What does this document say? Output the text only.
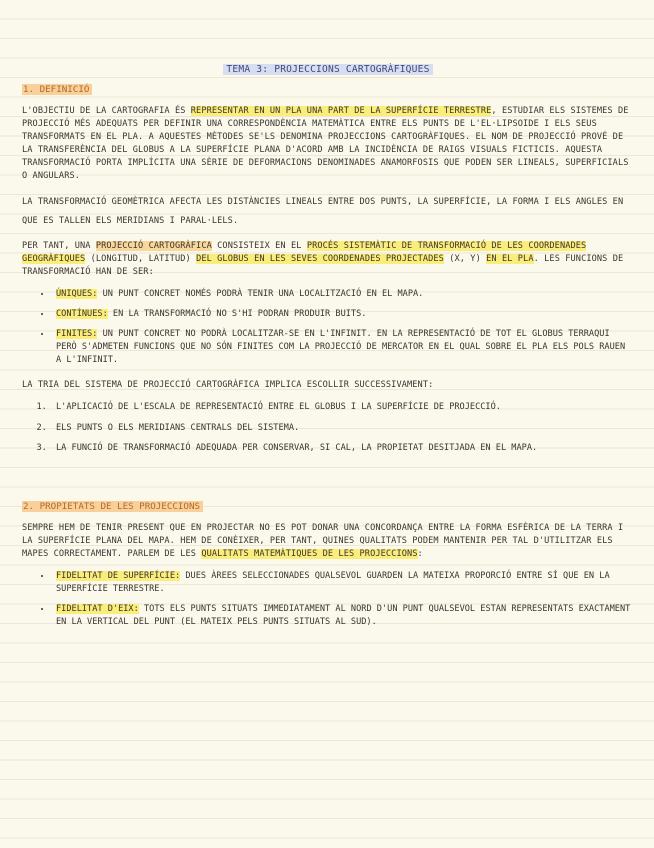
TEMA 3: PROJECCIONS CARTOGRÀFIQUES
1. DEFINICIÓ

L'OBJECTIU DE LA CARTOGRAFIA ÉS REPRESENTAR EN UN PLA UNA PART DE LA SUPERFÍCIE TERRESTRE, ESTUDIAR ELS SISTEMES DE PROJECCIÓ MÉS ADEQUATS PER DEFINIR UNA CORRESPONDÈNCIA MATEMÀTICA ENTRE ELS PUNTS DE L'EL·LIPSOIDE I ELS SEUS TRANSFORMATS EN EL PLA. A AQUESTES MÈTODES SE'LS DENOMINA PROJECCIONS CARTOGRÀFIQUES. EL NOM DE PROJECCIÓ PROVÉ DE LA TRANSFERÈNCIA DEL GLOBUS A LA SUPERFÍCIE PLANA D'ACORD AMB LA INCIDÈNCIA DE RAIGS VISUALS FICTICIS. AQUESTA TRANSFORMACIÓ PORTA IMPLÍCITA UNA SÈRIE DE DEFORMACIONS DENOMINADES ANAMORFOSIS QUE PODEN SER LINEALS, SUPERFICIALS O ANGULARS.

LA TRANSFORMACIÓ GEOMÈTRICA AFECTA LES DISTÀNCIES LINEALS ENTRE DOS PUNTS, LA SUPERFÍCIE, LA FORMA I ELS ANGLES EN QUE ES TALLEN ELS MERIDIANS I PARAL·LELS.

PER TANT, UNA PROJECCIÓ CARTOGRÀFICA CONSISTEIX EN EL PROCÉS SISTEMÀTIC DE TRANSFORMACIÓ DE LES COORDENADES GEOGRÀFIQUES (LONGITUD, LATITUD) DEL GLOBUS EN LES SEVES COORDENADES PROJECTADES (X, Y) EN EL PLA. LES FUNCIONS DE TRANSFORMACIÓ HAN DE SER:

• ÚNIQUES: UN PUNT CONCRET NOMÉS PODRÀ TENIR UNA LOCALITZACIÓ EN EL MAPA.
• CONTÍNUES: EN LA TRANSFORMACIÓ NO S'HI PODRAN PRODUIR BUITS.
• FINITES: UN PUNT CONCRET NO PODRÀ LOCALITZAR-SE EN L'INFINIT. EN LA REPRESENTACIÓ DE TOT EL GLOBUS TERRAQUI PERÒ S'ADMETEN FUNCIONS QUE NO SÓN FINITES COM LA PROJECCIÓ DE MERCATOR EN EL QUAL SOBRE EL PLA ELS POLS RAUEN A L'INFINIT.

LA TRIA DEL SISTEMA DE PROJECCIÓ CARTOGRÀFICA IMPLICA ESCOLLIR SUCCESSIVAMENT:

1. L'APLICACIÓ DE L'ESCALA DE REPRESENTACIÓ ENTRE EL GLOBUS I LA SUPERFÍCIE DE PROJECCIÓ.
2. ELS PUNTS O ELS MERIDIANS CENTRALS DEL SISTEMA.
3. LA FUNCIÓ DE TRANSFORMACIÓ ADEQUADA PER CONSERVAR, SI CAL, LA PROPIETAT DESITJADA EN EL MAPA.
2. PROPIETATS DE LES PROJECCIONS

SEMPRE HEM DE TENIR PRESENT QUE EN PROJECTAR NO ES POT DONAR UNA CONCORDANÇA ENTRE LA FORMA ESFÈRICA DE LA TERRA I LA SUPERFÍCIE PLANA DEL MAPA. HEM DE CONÈIXER, PER TANT, QUINES QUALITATS PODEM MANTENIR PER TAL D'UTILITZAR ELS MAPES CORRECTAMENT. PARLEM DE LES QUALITATS MATEMÀTIQUES DE LES PROJECCIONS:

• FIDELITAT DE SUPERFÍCIE: DUES ÀREES SELECCIONADES QUALSEVOL GUARDEN LA MATEIXA PROPORCIÓ ENTRE SÍ QUE EN LA SUPERFÍCIE TERRESTRE.
• FIDELITAT D'EIX: TOTS ELS PUNTS SITUATS IMMEDIATAMENT AL NORD D'UN PUNT QUALSEVOL ESTAN REPRESENTATS EXACTAMENT EN LA VERTICAL DEL PUNT (EL MATEIX PELS PUNTS SITUATS AL SUD).
